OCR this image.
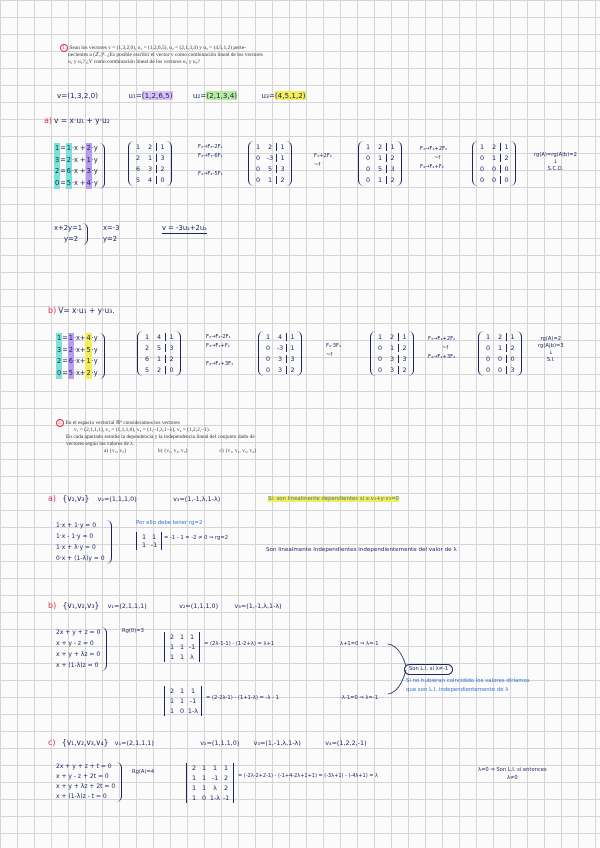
1. Sean los vectores v = (1,3,2,0), u₁ = (1,2,6,5), u₂ = (2,1,3,4) y u₃ = (4,5,1,2) perte-
necientes a (ℤ₇)⁴. ¿Es posible escribir el vector v como combinación lineal de los vectores
u₁ y u₂? ¿Y como combinación lineal de los vectores u₁ y u₃?
v=(1,3,2,0)	u₁=(1,2,6,5)	u₂=(2,1,3,4)	u₃=(4,5,1,2)
a) v = x·u₁ + y·u₂
1=1·x +2·y
3=2·x +1·y
2=6·x +3·y
0=5·x +4·y
1	2	1
2	1	3
6	3	2
5	4	0
F₂→F₂-2F₁
F₃→F₃-6F₁
F₄→F₄-5F₁
1	2	1
0	-3	1
0	5	3
0	1	2
F₃+2F₂
~f
1	2	1
0	1	2
0	5	3
0	1	2
F₃→F₃+2F₂
~f
F₄→F₄+F₂
1	2	1
0	1	2
0	0	0
0	0	0
rg(A)=rg(A|b)=2
↓
S.C.D.
x+2y=1
y=2
x=-3
y=2
v = -3u₁+2u₂
b) V= x·u₁ + y·u₃.
1=1·x+4·y
3=2·x+5·y
2=6·x+1·y
0=5·x+2·y
1	4	1
2	5	3
6	1	2
5	2	0
F₂→F₂-2F₁
F₃→F₃+F₁
F₄→F₄+3F₁
1	4	1
0	-3	1
0	3	3
0	3	2
F₂·3F₂
~f
1	2	1
0	1	2
0	3	3
0	3	2
F₃→F₃+2F₂
~f
F₄→F₄+3F₂
1	2	1
0	1	2
0	0	0
0	0	3
rg(A)=2
rg(A|b)=3
↓
S.I.
2. En el espacio vectorial ℝ⁴ consideramos los vectores
v₁ = (2,1,1,1), v₂ = (1,1,1,0), v₃ = (1,−1,λ,1−λ), v₄ = (1,2,2,−1).
En cada apartado estudie la dependencia y la independencia lineal del conjunto dado de
vectores según los valores de λ.
a) {v₂, v₃}	b) {v₁, v₂, v₃}	c) {v₁, v₂, v₃, v₄}
a) {v₂,v₃} v₂=(1,1,1,0)	v₃=(1,-1,λ,1-λ)	Si: son linealmente dependientes si x·v₂+y·v₃=0
1·x + 1·y = 0
1·x - 1·y = 0
1·x + λ·y = 0
0·x + (1-λ)y = 0
Por ello debe tener rg=2
1 1
1 -1
= -1 - 1 = -2 ≠ 0 ⇒ rg=2
Son linealmente independientes independientemente del valor de λ
b) {v₁,v₂,v₃} v₁=(2,1,1,1)	v₂=(1,1,1,0)	v₃=(1,-1,λ,1-λ)
2x + y + z = 0
x + y - z = 0
x + y + λz = 0
x + (1-λ)z = 0
Rg(0)=3
2 1 1
1 1 -1
1 1 λ
= (2λ-1-1) - (1-2+λ) = λ+1	λ+1=0 ⇒ λ=-1
2 1	1
1 1 -1
1 0 1-λ
= (2-2λ-1) - (1+1-λ) = -λ - 1	-λ-1=0 ⇒ λ=-1
Son L.I. si λ≠-1
Si no hubieran coincidido los valores diríamos
que son L.I. independientemente de λ
c) {v₁,v₂,v₃,v₄} v₁=(2,1,1,1)	v₂=(1,1,1,0) v₃=(1,-1,λ,1-λ)	v₄=(1,2,2,-1)
2x + y + z + t = 0
x + y - z + 2t = 0
x + y + λz + 2t = 0
x + (1-λ)z - t = 0
Rg(A)=4	2 1	1	1
1 1 -1 2
1 1	λ	2
1 0 1-λ -1
= (-2λ-2+2-1) - (-1+4-2λ+1+1) = (-3λ+1) - (-4λ+1) = λ
λ=0 ⇒ Son L.I. si entonces
λ≠0
